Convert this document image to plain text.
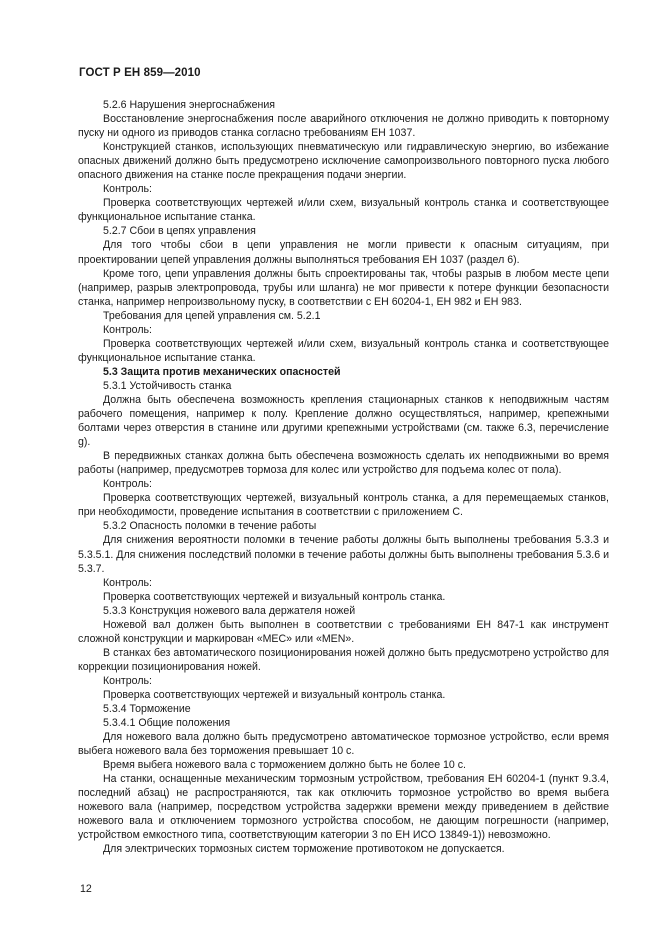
ГОСТ Р ЕН 859—2010

5.2.6 Нарушения энергоснабжения

Восстановление энергоснабжения после аварийного отключения не должно приводить к повторному пуску ни одного из приводов станка согласно требованиям ЕН 1037.

Конструкцией станков, использующих пневматическую или гидравлическую энергию, во избежание опасных движений должно быть предусмотрено исключение самопроизвольного повторного пуска любого опасного движения на станке после прекращения подачи энергии.

Контроль:

Проверка соответствующих чертежей и/или схем, визуальный контроль станка и соответствующее функциональное испытание станка.

5.2.7 Сбои в цепях управления

Для того чтобы сбои в цепи управления не могли привести к опасным ситуациям, при проектировании цепей управления должны выполняться требования ЕН 1037 (раздел 6).

Кроме того, цепи управления должны быть спроектированы так, чтобы разрыв в любом месте цепи (например, разрыв электропровода, трубы или шланга) не мог привести к потере функции безопасности станка, например непроизвольному пуску, в соответствии с ЕН 60204-1, ЕН 982 и ЕН 983.

Требования для цепей управления см. 5.2.1

Контроль:

Проверка соответствующих чертежей и/или схем, визуальный контроль станка и соответствующее функциональное испытание станка.

5.3 Защита против механических опасностей

5.3.1 Устойчивость станка

Должна быть обеспечена возможность крепления стационарных станков к неподвижным частям рабочего помещения, например к полу. Крепление должно осуществляться, например, крепежными болтами через отверстия в станине или другими крепежными устройствами (см. также 6.3, перечисление g).

В передвижных станках должна быть обеспечена возможность сделать их неподвижными во время работы (например, предусмотрев тормоза для колес или устройство для подъема колес от пола).

Контроль:

Проверка соответствующих чертежей, визуальный контроль станка, а для перемещаемых станков, при необходимости, проведение испытания в соответствии с приложением С.

5.3.2 Опасность поломки в течение работы

Для снижения вероятности поломки в течение работы должны быть выполнены требования 5.3.3 и 5.3.5.1. Для снижения последствий поломки в течение работы должны быть выполнены требования 5.3.6 и 5.3.7.

Контроль:

Проверка соответствующих чертежей и визуальный контроль станка.

5.3.3 Конструкция ножевого вала держателя ножей

Ножевой вал должен быть выполнен в соответствии с требованиями ЕН 847-1 как инструмент сложной конструкции и маркирован «МЕС» или «МЕN».

В станках без автоматического позиционирования ножей должно быть предусмотрено устройство для коррекции позиционирования ножей.

Контроль:

Проверка соответствующих чертежей и визуальный контроль станка.

5.3.4 Торможение

5.3.4.1 Общие положения

Для ножевого вала должно быть предусмотрено автоматическое тормозное устройство, если время выбега ножевого вала без торможения превышает 10 с.

Время выбега ножевого вала с торможением должно быть не более 10 с.

На станки, оснащенные механическим тормозным устройством, требования ЕН 60204-1 (пункт 9.3.4, последний абзац) не распространяются, так как отключить тормозное устройство во время выбега ножевого вала (например, посредством устройства задержки времени между приведением в действие ножевого вала и отключением тормозного устройства способом, не дающим погрешности (например, устройством емкостного типа, соответствующим категории 3 по ЕН ИСО 13849-1)) невозможно.

Для электрических тормозных систем торможение противотоком не допускается.

12
